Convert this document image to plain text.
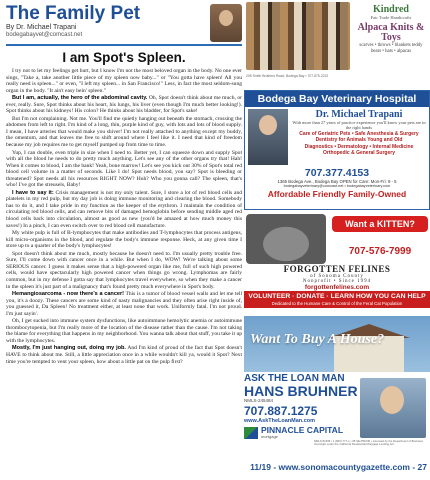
The Family Pet
By Dr. Michael Trapani
bodegabayvet@comcast.net
I am Spot's Spleen.

I try not to let my feelings get hurt, but I know I'm not the most beloved organ in the body. No one ever sings, "Take a, take another little piece of my spleen now baby..." or "You gotta have spleen! All you really need is spleen..." or even, "I left my spleen... in San Francisco!" Less, in fact the most seldom-sung organ in the body. "It ain't easy bein' spleen."

But I am, actually, the hero of the abdominal cavity. Oh, Spot doesn't think about me much, or ever, really. Sure, Spot thinks about his heart, his lungs, his liver (even though I'm much better looking!). Spot thinks about his kidneys! His colon? He thinks about his bladder, for Spot's sake!

But I'm not complaining. Not me. You'll find me quietly hanging out beneath the stomach, crossing the abdomen from left to right. I'm kind of a long, thin, purple kind of guy, with lots and lots of blood supply. I mean, I have arteries that would make you shiver! I'm not really attached to anything except my buddy, the omentum, and that leaves me free to shift around where I feel like it. I need that kind of freedom because my job requires me to get myself pumped up from time to time.

Yup, I can double, even triple in size when I need to. Better yet, I can squeeze down and supply Spot with all the blood he needs to do pretty much anything. Let's see any of the other organs try that! Hah! When it comes to blood, I am the bank! Yeah, bone marrow! Let's see you kick out 30% of Spot's total red blood cell volume in a matter of seconds. Like I do! Spot needs blood, you say? Spot is bleeding or threatened? Spot needs all his resources RIGHT NOW? Huh? Who you gonna call? The spleen, that's who! I've got the streusels, Baby!

I have to say it: Crisis management is not my only talent. Sure, I store a lot of red blood cells and platelets in my red pulp, but my day job is doing immune monitoring and clearing the blood. Somebody has to do it, and I take pride in my function as the keeper of the erythron. I maintain the condition of circulating red blood cells, and can remove bits of damaged hemoglobin before sending middle aged red blood cells back into circulation, almost as good as new (you'd be amazed at how much money this saves!) In a pinch, I can even switch over to red blood cell manufacture.

My white pulp is full of B-lymphocytes that make antibodies and T-lymphocytes that process antigens, kill micro-organisms in the blood, and regulate the body's immune response. Heck, at any given time I store up to a quarter of the body's lymphocytes!

Spot doesn't think about me much, mostly because he doesn't need to. I'm usually pretty trouble free. Sure, I'll come down with cancer once in a while. But when I do, WOW! We're talking about some SERIOUS cancer. I guess it makes sense that a high-powered organ like me, full of such high powered cells, would have spectacularly high powered cancer when things go wrong. Lymphomas are fairly common, but in my defense I gotta say that lymphocytes travel everywhere, so when they make a cancer in the spleen it's just part of a malignancy that's found pretty much everywhere in Spot's body.

Hemangiosarcoma - now there's a cancer! This is a tumor of blood vessel walls and let me tell you, it's a doozy. These cancers are some kind of nasty malignancies and they often arise right inside of, you guessed it, Da Spleen! No treatment either, at least none that work. Uniformly fatal. I'm not proud. I'm just sayin'.

Oh, I get sucked into immune system dysfunctions, like autoimmune hemolytic anemia or autoimmune thrombocytopenia, but I'm really more of the location of the disease rather than the cause. I'm not taking the blame for everything that happens in my neighborhood. You wanna talk about that stuff, you take it up with the lymphocytes.

Mostly, I'm just hanging out, doing my job. And I'm kind of proud of the fact that Spot doesn't HAVE to think about me. Still, a little appreciation once in a while wouldn't kill ya, would it Spot? Next time you're tempted to vent your spleen, how about a little pat on the pulp first?

Kindred
Fair Trade Handicrafts
Alpaca Knits & Toys
scarves • throws • blankets teddy bears • hats • alpacas
205 Smith Brothers Road, Bodega Bay • 707.875.2222
Bodega Bay Veterinary Hospital
Dr. Michael Trapani
With more than 27 years of practice experience you'll know your pets are in the right hands
Care of Geriatric Pets • Safe Anesthesia & Surgery
Dentistry for Animals Young and Old
Diagnostics • Dermatology • Internal Medicine
Orthopedic & General Surgery
707.377.4153
1365 Bodega Ave., Bodega Bay OPEN for Care: Mon-Fri: 9 - 5
bodegabayveterinary@comcast.net • bodegabayveterinary.com
Affordable Friendly Family-Owned
Want a KITTEN?
707-576-7999
FORGOTTEN FELINES
of Sonoma County
Nonprofit • Since 1994
forgottenfelines.com
VOLUNTEER · DONATE · LEARN HOW YOU CAN HELP
Dedicated to the Humane Care & Control of the Feral Cat Population
Want To Buy A House?
ASK THE LOAN MAN
HANS BRUHNER
NMLS-245484
707.887.1275
www.AskTheLoanMan.com
PINNACLE CAPITAL
mortgage
NMLS 81395 • 1 (800) 777-1 • 38 SE P51030 • Licensed by the Department of Business Oversight under the California Residential Mortgage Lending Act.
11/19 - www.sonomacountygazette.com - 27
